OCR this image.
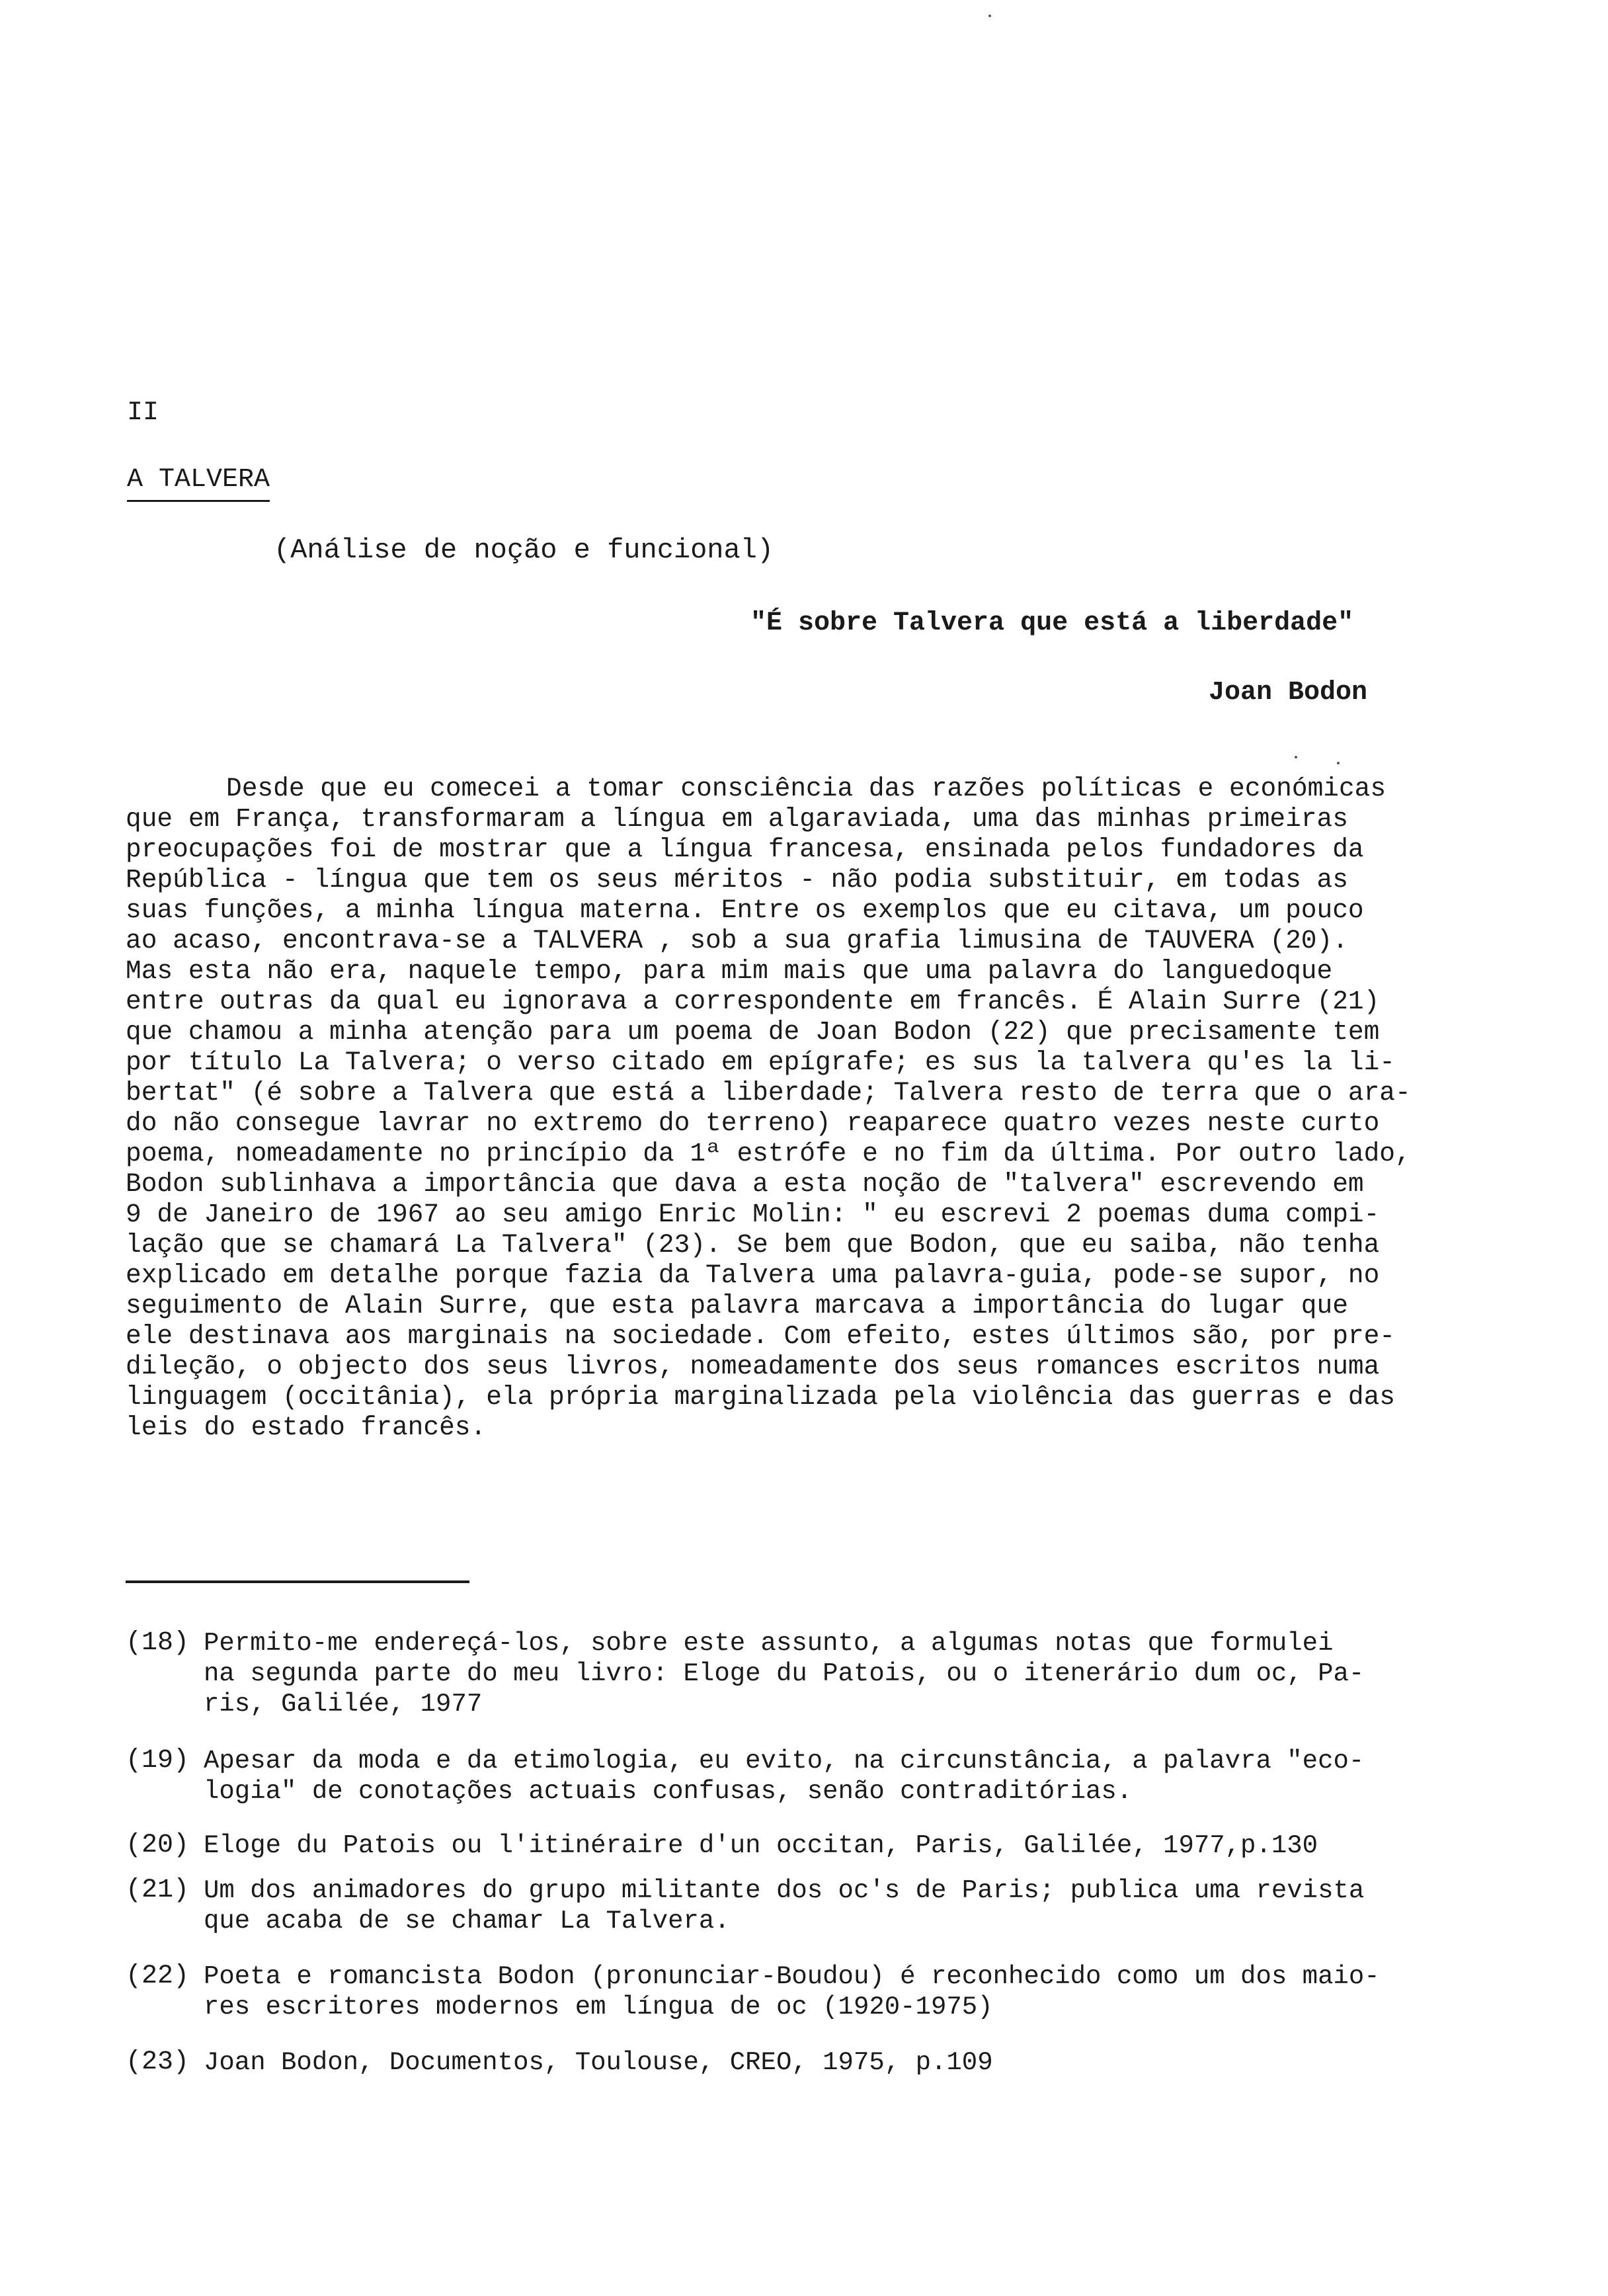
II
A TALVERA
(Análise de noção e funcional)
"É sobre Talvera que está a liberdade"
Joan Bodon
Desde que eu comecei a tomar consciência das razões políticas e económicas
que em França, transformaram a língua em algaraviada, uma das minhas primeiras
preocupações foi de mostrar que a língua francesa, ensinada pelos fundadores da
República - língua que tem os seus méritos - não podia substituir, em todas as
suas funções, a minha língua materna. Entre os exemplos que eu citava, um pouco
ao acaso, encontrava-se a TALVERA , sob a sua grafia limusina de TAUVERA (20).
Mas esta não era, naquele tempo, para mim mais que uma palavra do languedoque
entre outras da qual eu ignorava a correspondente em francês. É Alain Surre (21)
que chamou a minha atenção para um poema de Joan Bodon (22) que precisamente tem
por título La Talvera; o verso citado em epígrafe; es sus la talvera qu'es la li-
bertat" (é sobre a Talvera que está a liberdade; Talvera resto de terra que o ara-
do não consegue lavrar no extremo do terreno) reaparece quatro vezes neste curto
poema, nomeadamente no princípio da 1ª estrófe e no fim da última. Por outro lado,
Bodon sublinhava a importância que dava a esta noção de "talvera" escrevendo em
9 de Janeiro de 1967 ao seu amigo Enric Molin: " eu escrevi 2 poemas duma compi-
lação que se chamará La Talvera" (23). Se bem que Bodon, que eu saiba, não tenha
explicado em detalhe porque fazia da Talvera uma palavra-guia, pode-se supor, no
seguimento de Alain Surre, que esta palavra marcava a importância do lugar que
ele destinava aos marginais na sociedade. Com efeito, estes últimos são, por pre-
dileção, o objecto dos seus livros, nomeadamente dos seus romances escritos numa
linguagem (occitânia), ela própria marginalizada pela violência das guerras e das
leis do estado francês.
(18) Permito-me endereçá-los, sobre este assunto, a algumas notas que formulei
na segunda parte do meu livro: Eloge du Patois, ou o itenerário dum oc, Pa-
ris, Galilée, 1977
(19) Apesar da moda e da etimologia, eu evito, na circunstância, a palavra "eco-
logia" de conotações actuais confusas, senão contraditórias.
(20) Eloge du Patois ou l'itinéraire d'un occitan, Paris, Galilée, 1977,p.130
(21) Um dos animadores do grupo militante dos oc's de Paris; publica uma revista
que acaba de se chamar La Talvera.
(22) Poeta e romancista Bodon (pronunciar-Boudou) é reconhecido como um dos maio-
res escritores modernos em língua de oc (1920-1975)
(23) Joan Bodon, Documentos, Toulouse, CREO, 1975, p.109
